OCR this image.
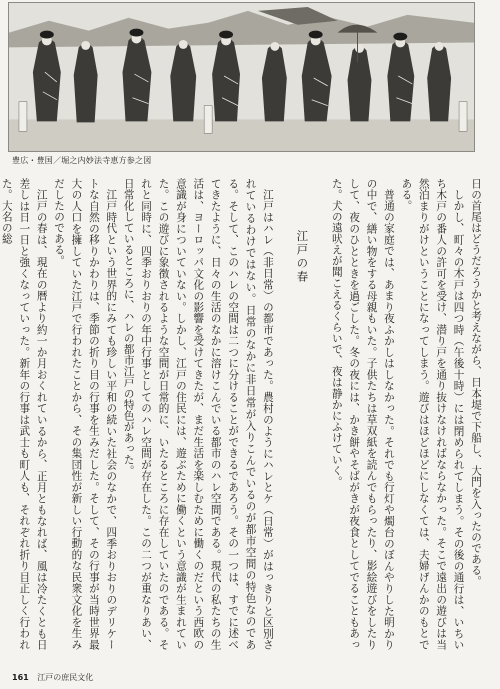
豊広・豊国／堀之内妙法寺恵方参之図

日の首尾はどうだろうかと考えながら、日本堤で下船し、大門を入ったのである。

しかし、町々の木戸は四つ時（午後十時）には閉められてしまう。その後の通行は、いちいち木戸の番人の許可を受け、潜り戸を通り抜けなければならなかった。そこで遠出の遊びは当然泊まりがけということになってしまう。遊びはほどほどにしなくては、夫婦げんかのもとである。

普通の家庭では、あまり夜ふかしはしなかった。それでも行灯や燭台のぼんやりした明かりの中で、繕い物をする母親もいた。子供たちは草双紙を読んでもらったり、影絵遊びをしたりして、夜のひとときを過ごした。冬の夜には、かき餅やそばがきが夜食としてでることもあった。犬の遠吠えが聞こえるくらいで、夜は静かにふけていく。

江戸の春

江戸はハレ（非日常）の都市であった。農村のようにハレとケ（日常）がはっきりと区別されているわけではない。日常のなかに非日常が入りこんでいるのが都市空間の特色なのである。そして、このハレの空間は二つに分けることができるであろう。その一つは、すでに述べてきたように、日々の生活のなかに溶けこんでいる都市のハレ空間である。現代の私たちの生活は、ヨーロッパ文化の影響を受けてきたが、まだ生活を楽しむために働くのだという西欧の意識が身についていない。しかし、江戸の住民には、遊ぶために働くという意識が生まれていた。この遊びに象徴されるような空間が日常的に、いたるところに存在していたのである。それと同時に、四季おりおりの年中行事としてのハレ空間が存在した。この二つが重なりあい、日常化しているところに、ハレの都市江戸の特色があった。

江戸時代という世界的にみても珍しい平和の続いた社会のなかで、四季おりおりのデリケートな自然の移りかわりは、季節の折り目の行事を生みだした。そして、その行事が当時世界最大の人口を擁していた江戸で行われたことから、その集団性が新しい行動的な民衆文化を生みだしたのである。

江戸の春は、現在の暦より約一か月おくれているから、正月ともなれば、風は冷たくとも日差しは日一日と強くなっていった。新年の行事は武士も町人も、それぞれ折り目正しく行われた。大名の総

161 江戸の庶民文化
